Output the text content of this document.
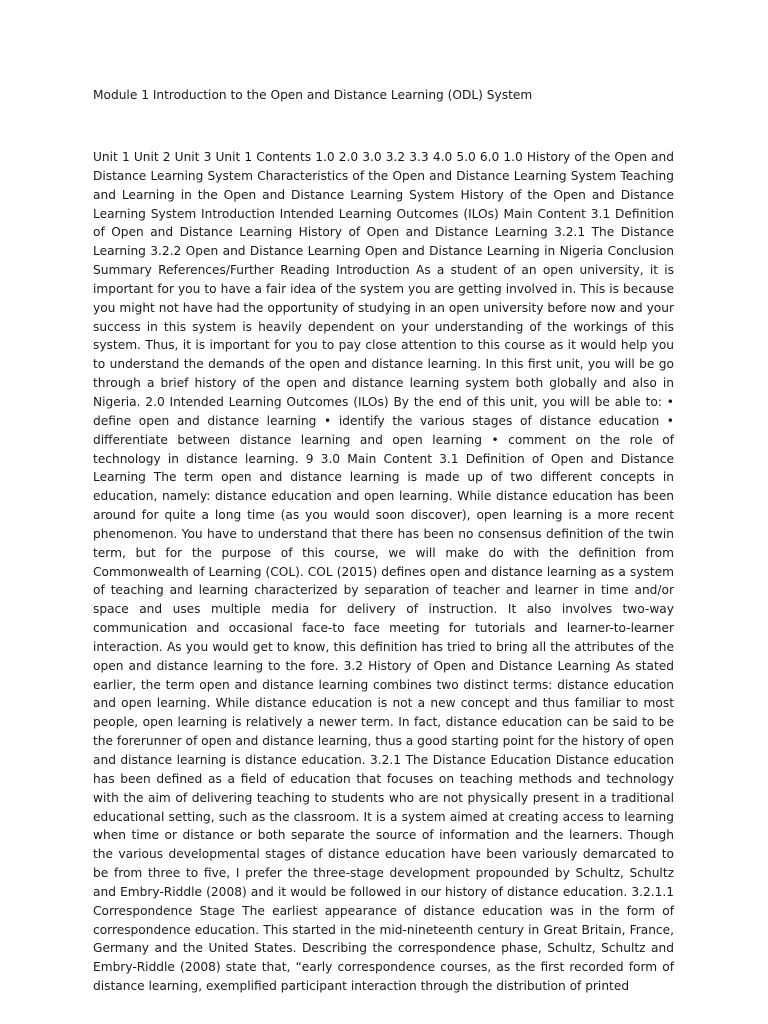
Module 1 Introduction to the Open and Distance Learning (ODL) System

Unit 1 Unit 2 Unit 3 Unit 1 Contents 1.0 2.0 3.0 3.2 3.3 4.0 5.0 6.0 1.0 History of the Open and Distance Learning System Characteristics of the Open and Distance Learning System Teaching and Learning in the Open and Distance Learning System History of the Open and Distance Learning System Introduction Intended Learning Outcomes (ILOs) Main Content 3.1 Definition of Open and Distance Learning History of Open and Distance Learning 3.2.1 The Distance Learning 3.2.2 Open and Distance Learning Open and Distance Learning in Nigeria Conclusion Summary References/Further Reading Introduction As a student of an open university, it is important for you to have a fair idea of the system you are getting involved in. This is because you might not have had the opportunity of studying in an open university before now and your success in this system is heavily dependent on your understanding of the workings of this system. Thus, it is important for you to pay close attention to this course as it would help you to understand the demands of the open and distance learning. In this first unit, you will be go through a brief history of the open and distance learning system both globally and also in Nigeria. 2.0 Intended Learning Outcomes (ILOs) By the end of this unit, you will be able to: • define open and distance learning • identify the various stages of distance education • differentiate between distance learning and open learning • comment on the role of technology in distance learning. 9 3.0 Main Content 3.1 Definition of Open and Distance Learning The term open and distance learning is made up of two different concepts in education, namely: distance education and open learning. While distance education has been around for quite a long time (as you would soon discover), open learning is a more recent phenomenon. You have to understand that there has been no consensus definition of the twin term, but for the purpose of this course, we will make do with the definition from Commonwealth of Learning (COL). COL (2015) defines open and distance learning as a system of teaching and learning characterized by separation of teacher and learner in time and/or space and uses multiple media for delivery of instruction. It also involves two-way communication and occasional face-to face meeting for tutorials and learner-to-learner interaction. As you would get to know, this definition has tried to bring all the attributes of the open and distance learning to the fore. 3.2 History of Open and Distance Learning As stated earlier, the term open and distance learning combines two distinct terms: distance education and open learning. While distance education is not a new concept and thus familiar to most people, open learning is relatively a newer term. In fact, distance education can be said to be the forerunner of open and distance learning, thus a good starting point for the history of open and distance learning is distance education. 3.2.1 The Distance Education Distance education has been defined as a field of education that focuses on teaching methods and technology with the aim of delivering teaching to students who are not physically present in a traditional educational setting, such as the classroom. It is a system aimed at creating access to learning when time or distance or both separate the source of information and the learners. Though the various developmental stages of distance education have been variously demarcated to be from three to five, I prefer the three-stage development propounded by Schultz, Schultz and Embry-Riddle (2008) and it would be followed in our history of distance education. 3.2.1.1 Correspondence Stage The earliest appearance of distance education was in the form of correspondence education. This started in the mid-nineteenth century in Great Britain, France, Germany and the United States. Describing the correspondence phase, Schultz, Schultz and Embry-Riddle (2008) state that, “early correspondence courses, as the first recorded form of distance learning, exemplified participant interaction through the distribution of printed
